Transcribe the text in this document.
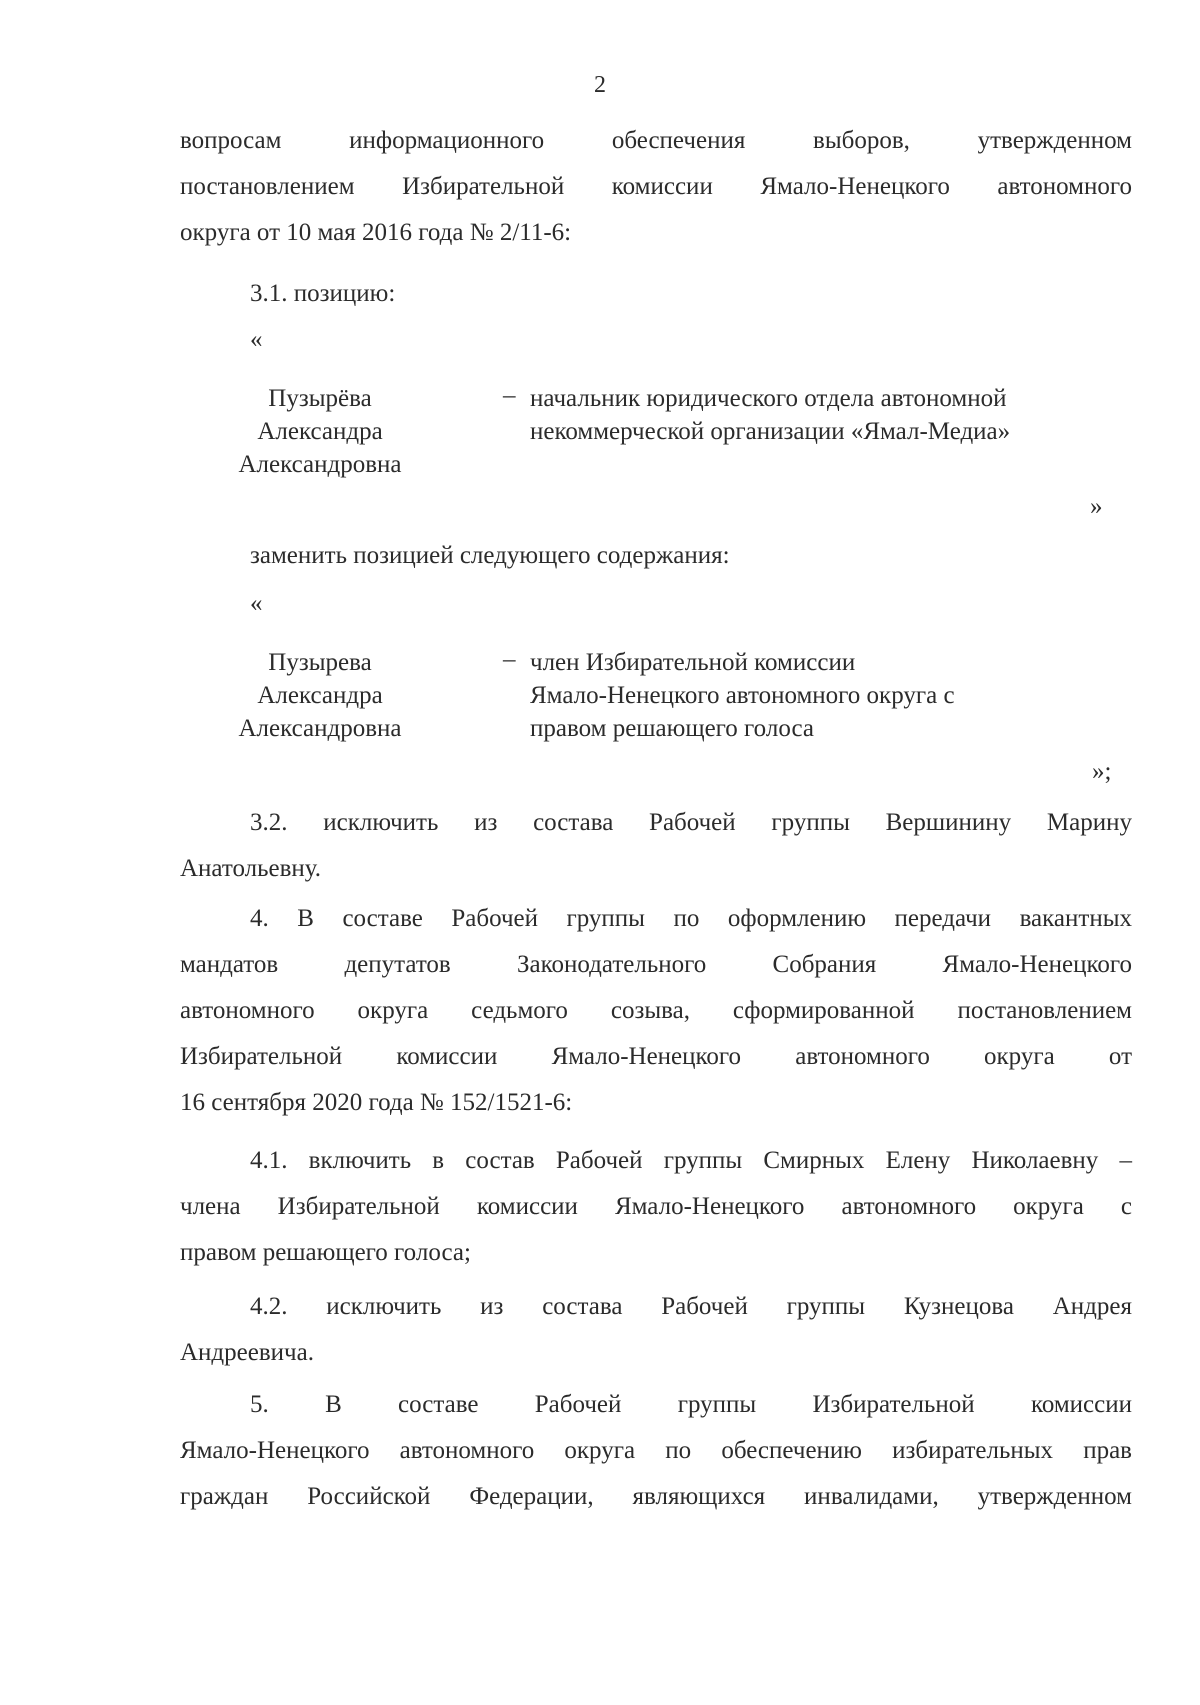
2
вопросам информационного обеспечения выборов, утвержденном
постановлением Избирательной комиссии Ямало-Ненецкого автономного
округа от 10 мая 2016 года № 2/11-6:
3.1. позицию:
«
Пузырёва
Александра
Александровна
– начальник юридического отдела автономной
некоммерческой организации «Ямал-Медиа»
»
заменить позицией следующего содержания:
«
Пузырева
Александра
Александровна
– член Избирательной комиссии
Ямало-Ненецкого автономного округа с
правом решающего голоса
»;
3.2. исключить из состава Рабочей группы Вершинину Марину
Анатольевну.
4. В составе Рабочей группы по оформлению передачи вакантных
мандатов депутатов Законодательного Собрания Ямало-Ненецкого
автономного округа седьмого созыва, сформированной постановлением
Избирательной комиссии Ямало-Ненецкого автономного округа от
16 сентября 2020 года № 152/1521-6:
4.1. включить в состав Рабочей группы Смирных Елену Николаевну –
члена Избирательной комиссии Ямало-Ненецкого автономного округа с
правом решающего голоса;
4.2. исключить из состава Рабочей группы Кузнецова Андрея
Андреевича.
5. В составе Рабочей группы Избирательной комиссии
Ямало-Ненецкого автономного округа по обеспечению избирательных прав
граждан Российской Федерации, являющихся инвалидами, утвержденном
